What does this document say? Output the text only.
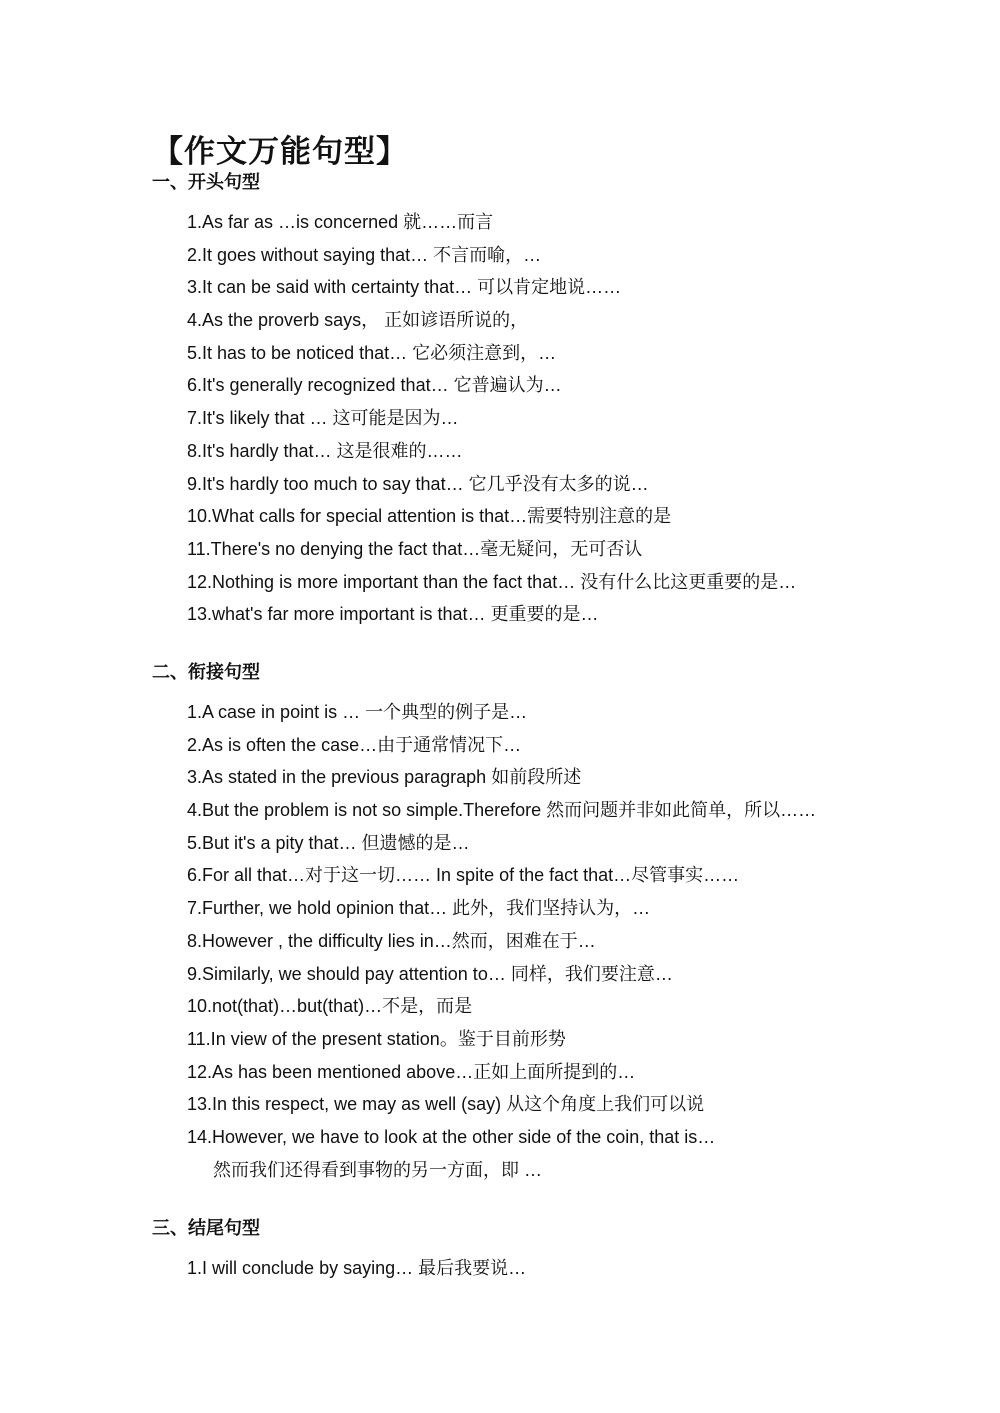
【作文万能句型】
一、开头句型
1.As far as …is concerned 就……而言
2.It goes without saying that… 不言而喻，…
3.It can be said with certainty that… 可以肯定地说……
4.As the proverb says， 正如谚语所说的，
5.It has to be noticed that… 它必须注意到，…
6.It's generally recognized that… 它普遍认为…
7.It's likely that … 这可能是因为…
8.It's hardly that… 这是很难的……
9.It's hardly too much to say that… 它几乎没有太多的说…
10.What calls for special attention is that…需要特别注意的是
11.There's no denying the fact that…毫无疑问，无可否认
12.Nothing is more important than the fact that… 没有什么比这更重要的是…
13.what's far more important is that… 更重要的是…
二、衔接句型
1.A case in point is … 一个典型的例子是…
2.As is often the case…由于通常情况下…
3.As stated in the previous paragraph 如前段所述
4.But the problem is not so simple.Therefore 然而问题并非如此简单，所以……
5.But it's a pity that… 但遗憾的是…
6.For all that…对于这一切…… In spite of the fact that…尽管事实……
7.Further, we hold opinion that… 此外，我们坚持认为，…
8.However , the difficulty lies in…然而，困难在于…
9.Similarly, we should pay attention to… 同样，我们要注意…
10.not(that)…but(that)…不是，而是
11.In view of the present station。鉴于目前形势
12.As has been mentioned above…正如上面所提到的…
13.In this respect, we may as well (say) 从这个角度上我们可以说
14.However, we have to look at the other side of the coin, that is…
然而我们还得看到事物的另一方面，即 …
三、结尾句型
1.I will conclude by saying… 最后我要说…
